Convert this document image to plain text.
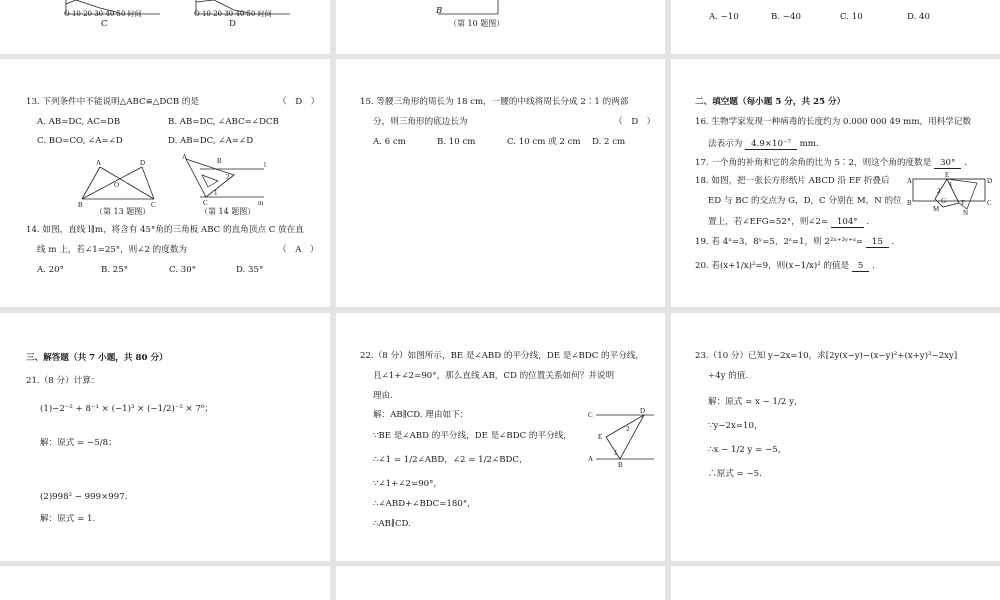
O 10 20 30 40 50 时间
C
O 10 20 30 40 50 时间
D
B
（第 10 题图）
A. −10	B. −40	C. 10	D. 40
13. 下列条件中不能说明△ABC≌△DCB 的是	（　D　）
A. AB=DC, AC=DB	B. AB=DC, ∠ABC=∠DCB
C. BO=CO, ∠A=∠D	D. AB=DC, ∠A=∠D
A	D
O
B	C
（第 13 题图）
A	B	l
m
2
1
C
（第 14 题图）
14. 如图，直线 l∥m，将含有 45°角的三角板 ABC 的直角顶点 C 放在直
线 m 上，若∠1=25°，则∠2 的度数为	（　A　）
A. 20°	B. 25°	C. 30°	D. 35°
15. 等腰三角形的周长为 18 cm，一腰的中线将周长分成 2∶1 的两部
分，则三角形的底边长为	（　D　）
A. 6 cm	B. 10 cm	C. 10 cm 或 2 cm D. 2 cm
二、填空题（每小题 5 分，共 25 分）
16. 生物学家发现一种病毒的长度约为 0.000 000 49 mm，用科学记数
法表示为 4.9×10⁻⁷ mm.
17. 一个角的补角和它的余角的比为 5∶2，则这个角的度数是 30° .
18. 如图，把一张长方形纸片 ABCD 沿 EF 折叠后
ED 与 BC 的交点为 G，D，C 分别在 M，N 的位
置上，若∠EFG=52°，则∠2= 104° .
A
E
D
B	C
2
1
G F
M	N
19. 若 4ˣ=3，8ʸ=5，2ᶻ=1，则 2²ˣ⁺³ʸ⁺ᶻ= 15 .
20. 若(x+1/x)²=9，则(x−1/x)² 的值是 5 .
三、解答题（共 7 小题，共 80 分）
21.（8 分）计算：
(1)−2⁻² + 8⁻¹ × (−1)³ × (−1/2)⁻² × 7⁰；
解：原式 = −5/8；
(2)998² − 999×997.
解：原式 = 1.
22.（8 分）如图所示，BE 是∠ABD 的平分线，DE 是∠BDC 的平分线，
且∠1+∠2=90°，那么直线 AB，CD 的位置关系如何？并说明
理由.
解：AB∥CD. 理由如下：
∵BE 是∠ABD 的平分线，DE 是∠BDC 的平分线，
∴∠1 = 1/2∠ABD，∠2 = 1/2∠BDC，
∵∠1+∠2=90°，
∴∠ABD+∠BDC=180°，
∴AB∥CD.
C	D
E
2
1
A
B
23.（10 分）已知 y−2x=10，求[2y(x−y)−(x−y)²+(x+y)²−2xy]
÷4y 的值.
解：原式 = x − 1/2 y，
∵y−2x=10，
∴x − 1/2 y = −5，
∴原式 = −5.
